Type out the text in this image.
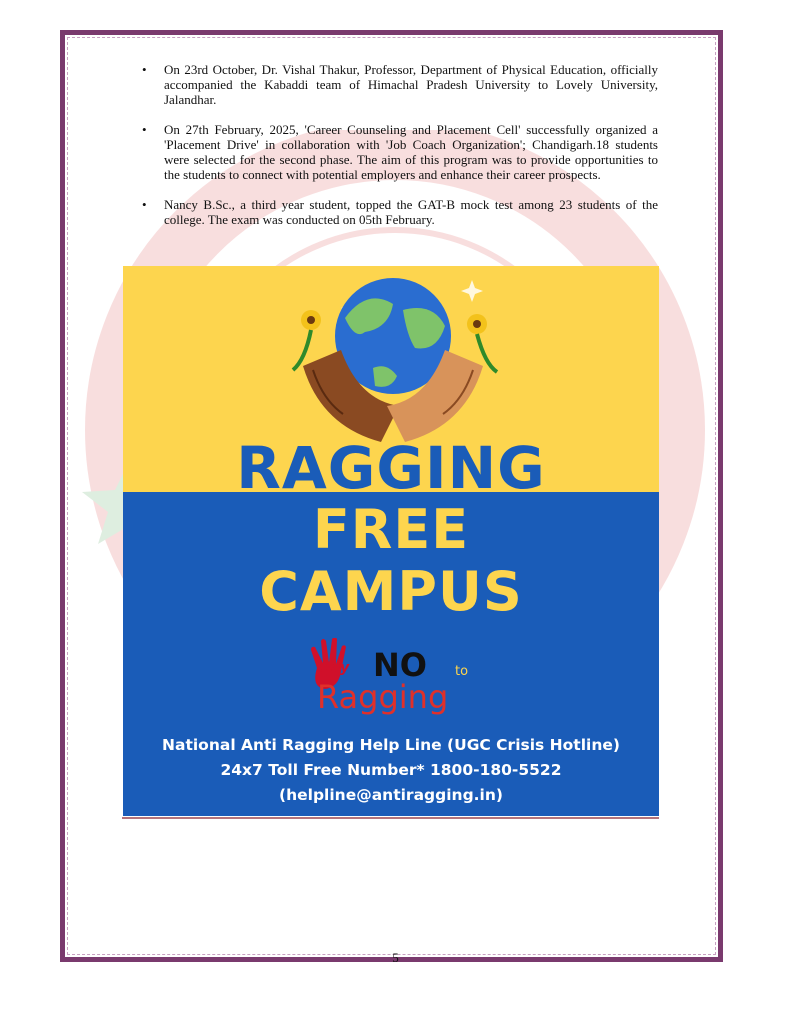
• On 23rd October, Dr. Vishal Thakur, Professor, Department of Physical Education, officially accompanied the Kabaddi team of Himachal Pradesh University to Lovely University, Jalandhar.
• On 27th February, 2025, 'Career Counseling and Placement Cell' successfully organized a 'Placement Drive' in collaboration with 'Job Coach Organization'; Chandigarh.18 students were selected for the second phase. The aim of this program was to provide opportunities to the students to connect with potential employers and enhance their career prospects.
• Nancy B.Sc., a third year student, topped the GAT-B mock test among 23 students of the college. The exam was conducted on 05th February.
RAGGING
FREE
CAMPUS
Say NO to
Ragging
National Anti Ragging Help Line (UGC Crisis Hotline)
24x7 Toll Free Number* 1800-180-5522
(helpline@antiragging.in)
5
